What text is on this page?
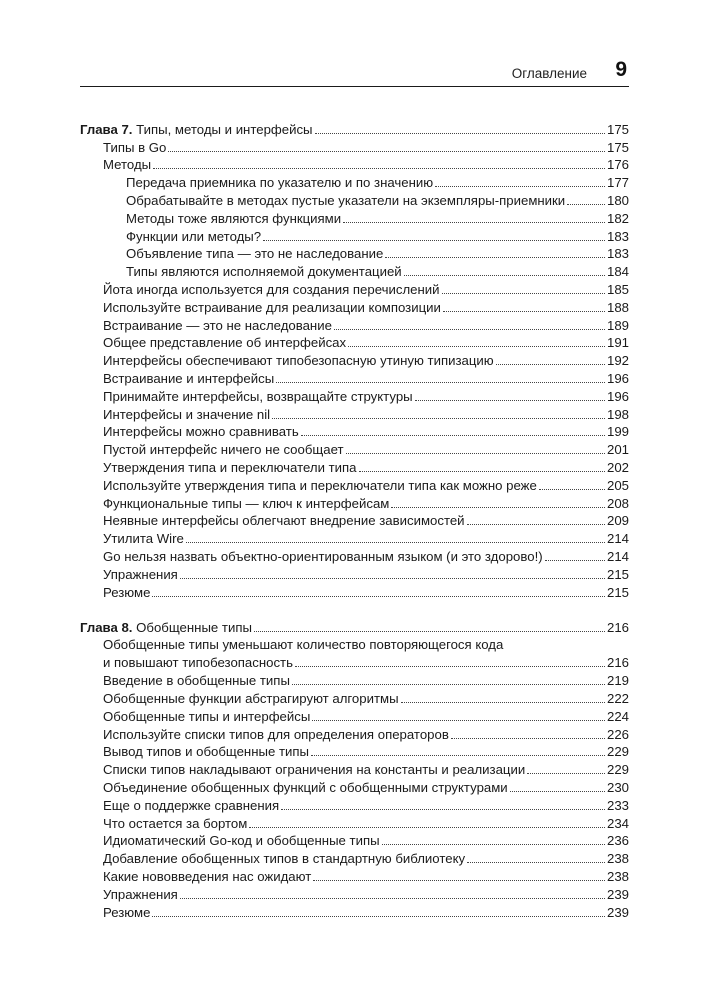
Оглавление 9
Глава 7. Типы, методы и интерфейсы	175
Типы в Go	175
Методы	176
Передача приемника по указателю и по значению	177
Обрабатывайте в методах пустые указатели на экземпляры-приемники	180
Методы тоже являются функциями	182
Функции или методы?	183
Объявление типа — это не наследование	183
Типы являются исполняемой документацией	184
Йота иногда используется для создания перечислений	185
Используйте встраивание для реализации композиции	188
Встраивание — это не наследование	189
Общее представление об интерфейсах	191
Интерфейсы обеспечивают типобезопасную утиную типизацию	192
Встраивание и интерфейсы	196
Принимайте интерфейсы, возвращайте структуры	196
Интерфейсы и значение nil	198
Интерфейсы можно сравнивать	199
Пустой интерфейс ничего не сообщает	201
Утверждения типа и переключатели типа	202
Используйте утверждения типа и переключатели типа как можно реже	205
Функциональные типы — ключ к интерфейсам	208
Неявные интерфейсы облегчают внедрение зависимостей	209
Утилита Wire	214
Go нельзя назвать объектно-ориентированным языком (и это здорово!)	214
Упражнения	215
Резюме	215
Глава 8. Обобщенные типы	216
Обобщенные типы уменьшают количество повторяющегося кода
и повышают типобезопасность	216
Введение в обобщенные типы	219
Обобщенные функции абстрагируют алгоритмы	222
Обобщенные типы и интерфейсы	224
Используйте списки типов для определения операторов	226
Вывод типов и обобщенные типы	229
Списки типов накладывают ограничения на константы и реализации	229
Объединение обобщенных функций с обобщенными структурами	230
Еще о поддержке сравнения	233
Что остается за бортом	234
Идиоматический Go-код и обобщенные типы	236
Добавление обобщенных типов в стандартную библиотеку	238
Какие нововведения нас ожидают	238
Упражнения	239
Резюме	239
